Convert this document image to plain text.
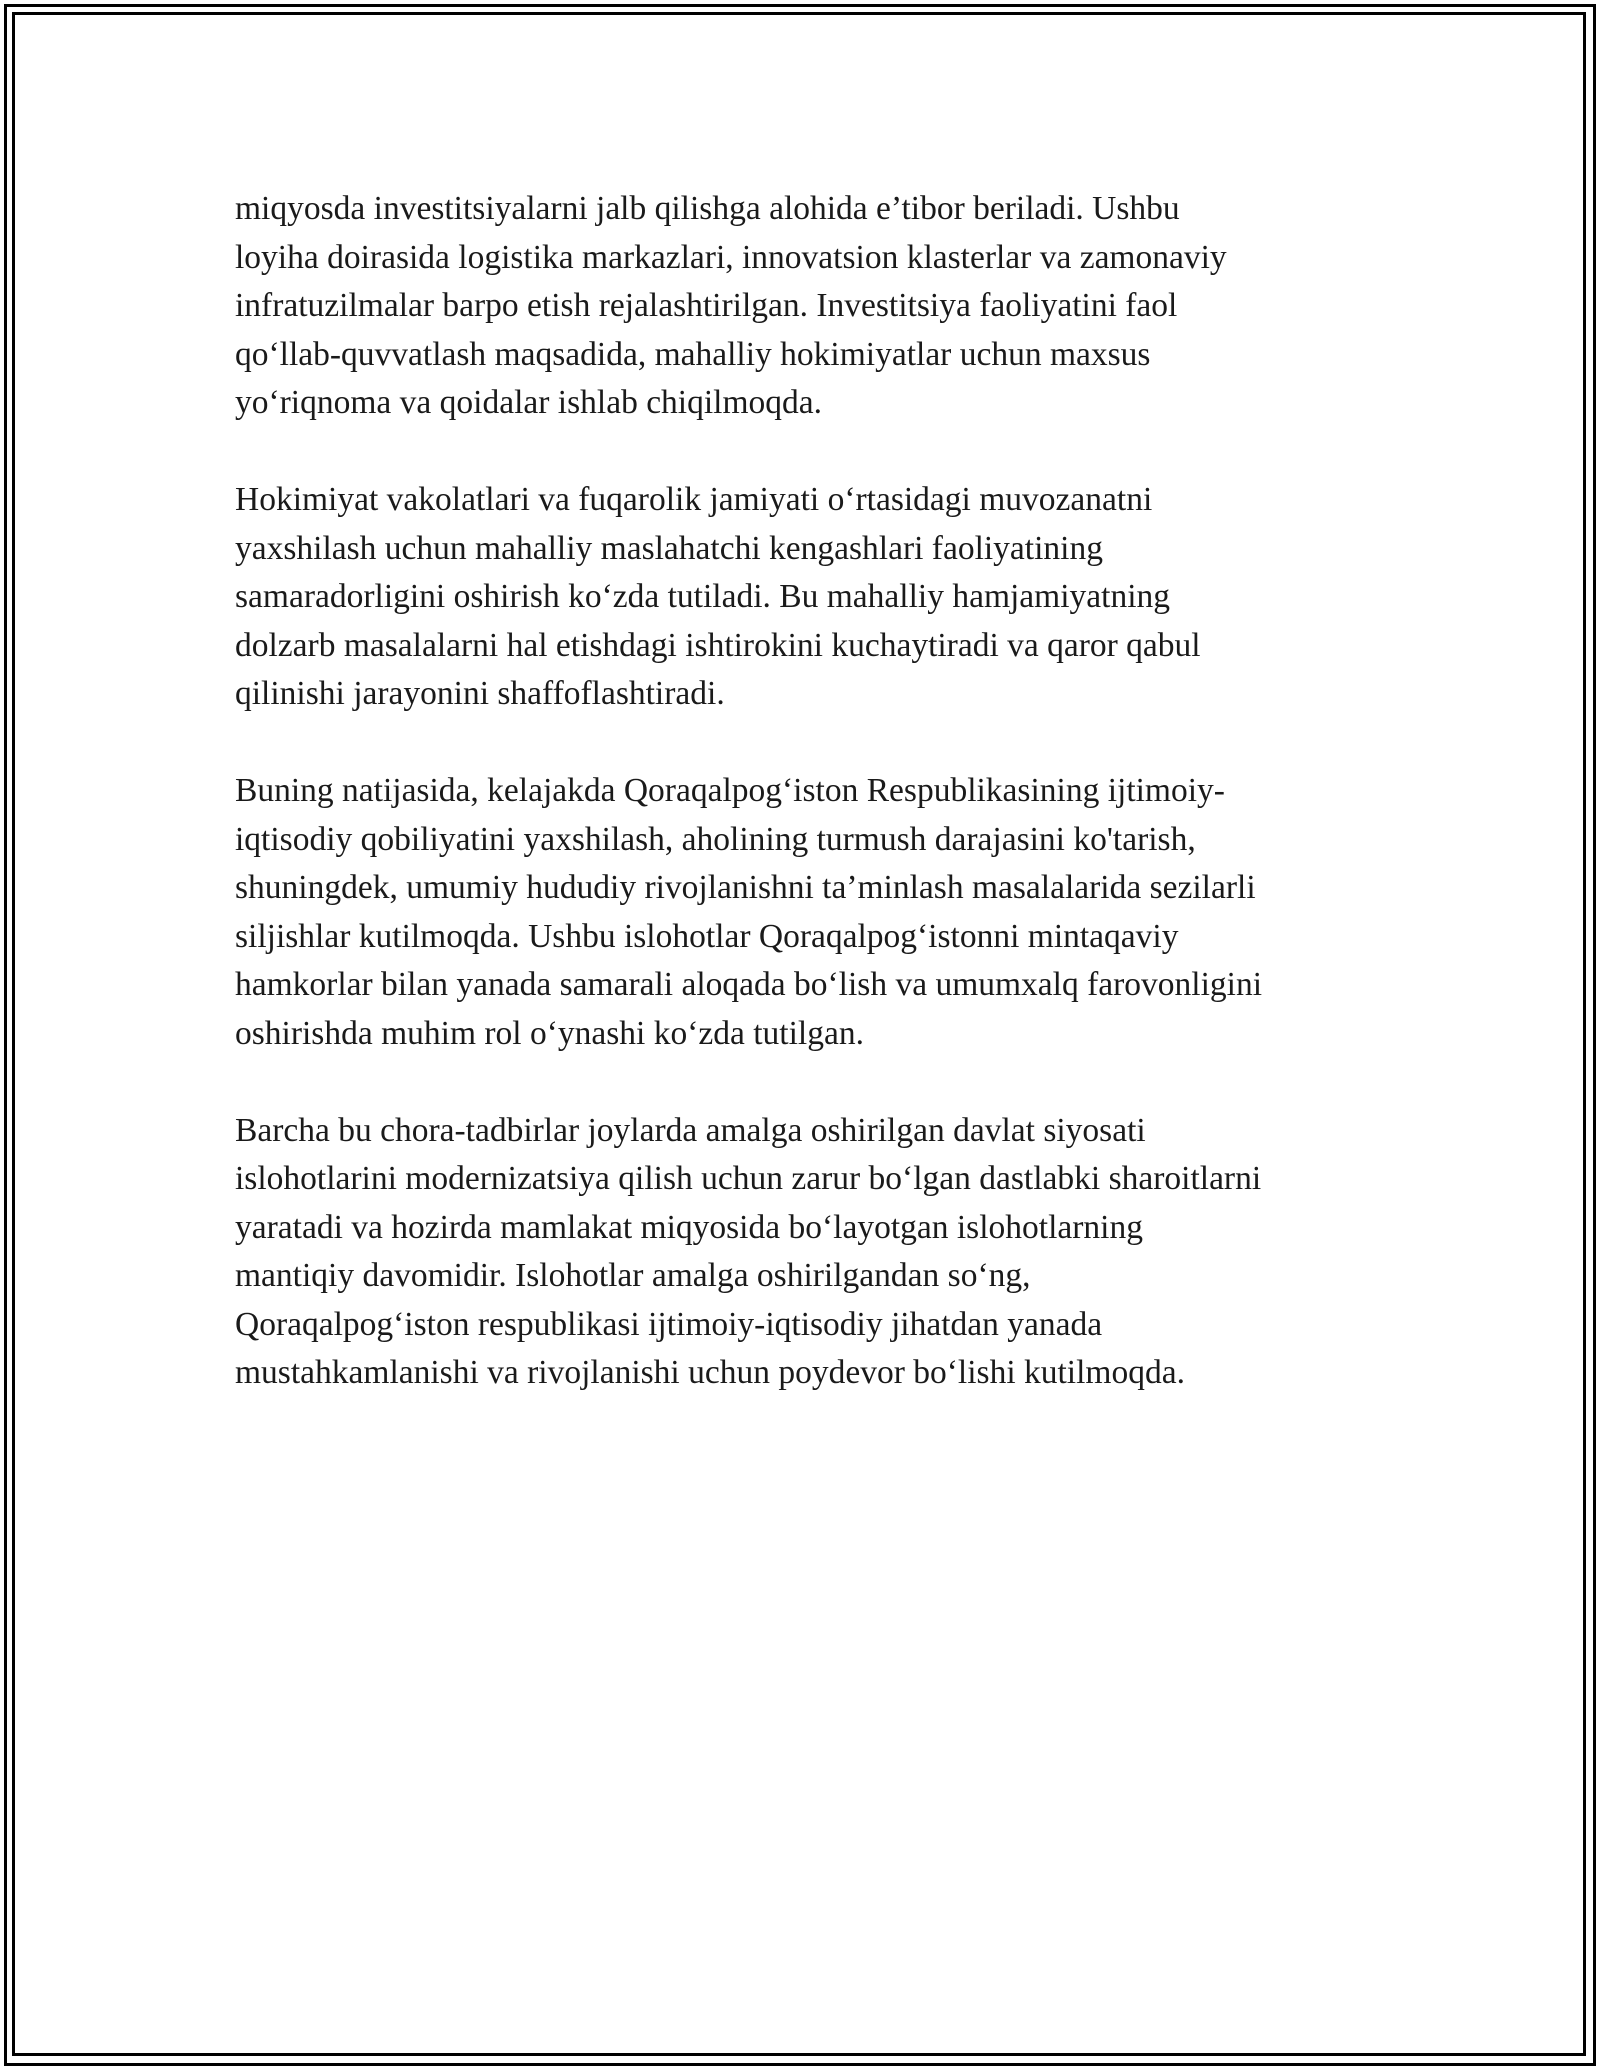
miqyosda investitsiyalarni jalb qilishga alohida e’tibor beriladi. Ushbu
loyiha doirasida logistika markazlari, innovatsion klasterlar va zamonaviy
infratuzilmalar barpo etish rejalashtirilgan. Investitsiya faoliyatini faol
qo‘llab-quvvatlash maqsadida, mahalliy hokimiyatlar uchun maxsus
yo‘riqnoma va qoidalar ishlab chiqilmoqda.

Hokimiyat vakolatlari va fuqarolik jamiyati o‘rtasidagi muvozanatni
yaxshilash uchun mahalliy maslahatchi kengashlari faoliyatining
samaradorligini oshirish ko‘zda tutiladi. Bu mahalliy hamjamiyatning
dolzarb masalalarni hal etishdagi ishtirokini kuchaytiradi va qaror qabul
qilinishi jarayonini shaffoflashtiradi.

Buning natijasida, kelajakda Qoraqalpog‘iston Respublikasining ijtimoiy-
iqtisodiy qobiliyatini yaxshilash, aholining turmush darajasini ko'tarish,
shuningdek, umumiy hududiy rivojlanishni ta’minlash masalalarida sezilarli
siljishlar kutilmoqda. Ushbu islohotlar Qoraqalpog‘istonni mintaqaviy
hamkorlar bilan yanada samarali aloqada bo‘lish va umumxalq farovonligini
oshirishda muhim rol o‘ynashi ko‘zda tutilgan.

Barcha bu chora-tadbirlar joylarda amalga oshirilgan davlat siyosati
islohotlarini modernizatsiya qilish uchun zarur bo‘lgan dastlabki sharoitlarni
yaratadi va hozirda mamlakat miqyosida bo‘layotgan islohotlarning
mantiqiy davomidir. Islohotlar amalga oshirilgandan so‘ng,
Qoraqalpog‘iston respublikasi ijtimoiy-iqtisodiy jihatdan yanada
mustahkamlanishi va rivojlanishi uchun poydevor bo‘lishi kutilmoqda.
